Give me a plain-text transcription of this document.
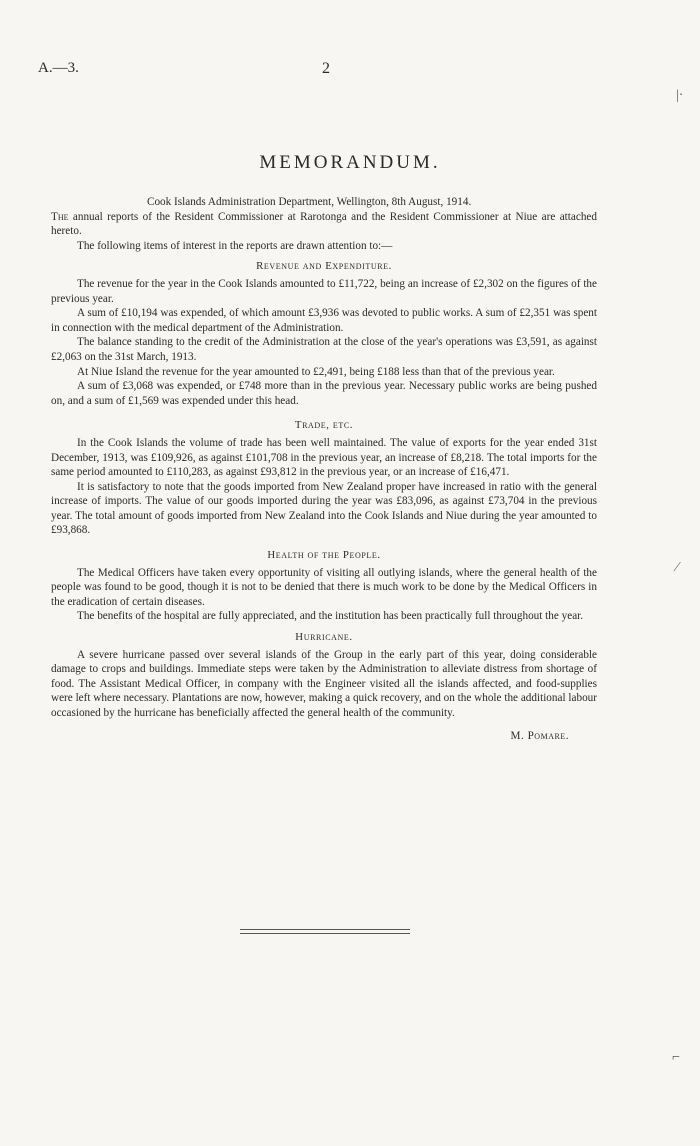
A.—3.	2
MEMORANDUM.

Cook Islands Administration Department, Wellington, 8th August, 1914.

The annual reports of the Resident Commissioner at Rarotonga and the Resident Commissioner at Niue are attached hereto.

The following items of interest in the reports are drawn attention to:—

Revenue and Expenditure.

The revenue for the year in the Cook Islands amounted to £11,722, being an increase of £2,302 on the figures of the previous year.

A sum of £10,194 was expended, of which amount £3,936 was devoted to public works. A sum of £2,351 was spent in connection with the medical department of the Administration.

The balance standing to the credit of the Administration at the close of the year's operations was £3,591, as against £2,063 on the 31st March, 1913.

At Niue Island the revenue for the year amounted to £2,491, being £188 less than that of the previous year.

A sum of £3,068 was expended, or £748 more than in the previous year. Necessary public works are being pushed on, and a sum of £1,569 was expended under this head.

Trade, etc.

In the Cook Islands the volume of trade has been well maintained. The value of exports for the year ended 31st December, 1913, was £109,926, as against £101,708 in the previous year, an increase of £8,218. The total imports for the same period amounted to £110,283, as against £93,812 in the previous year, or an increase of £16,471.

It is satisfactory to note that the goods imported from New Zealand proper have increased in ratio with the general increase of imports. The value of our goods imported during the year was £83,096, as against £73,704 in the previous year. The total amount of goods imported from New Zealand into the Cook Islands and Niue during the year amounted to £93,868.

Health of the People.

The Medical Officers have taken every opportunity of visiting all outlying islands, where the general health of the people was found to be good, though it is not to be denied that there is much work to be done by the Medical Officers in the eradication of certain diseases.

The benefits of the hospital are fully appreciated, and the institution has been practically full throughout the year.

Hurricane.

A severe hurricane passed over several islands of the Group in the early part of this year, doing considerable damage to crops and buildings. Immediate steps were taken by the Administration to alleviate distress from shortage of food. The Assistant Medical Officer, in company with the Engineer visited all the islands affected, and food-supplies were left where necessary. Plantations are now, however, making a quick recovery, and on the whole the additional labour occasioned by the hurricane has beneficially affected the general health of the community.

M. Pomare.
|·
⁄
⌐
